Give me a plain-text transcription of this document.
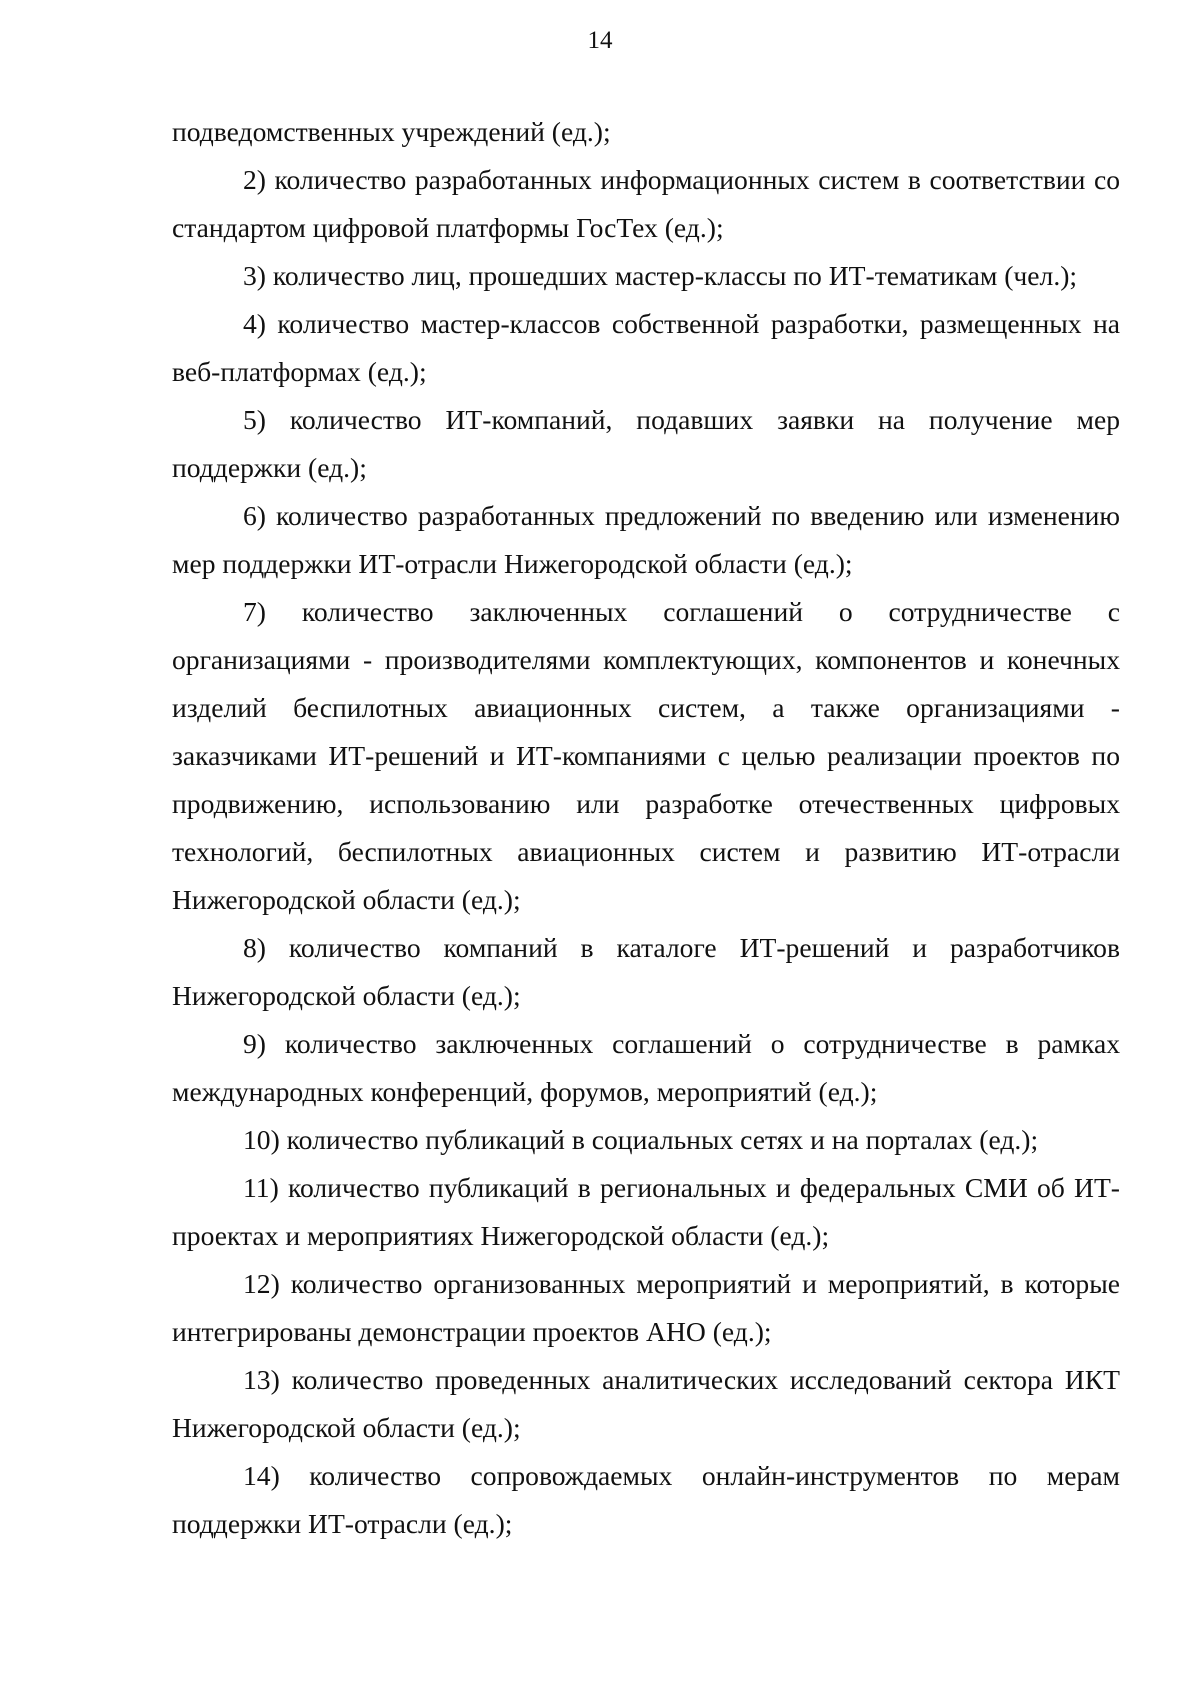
14

подведомственных учреждений (ед.);

2) количество разработанных информационных систем в соответствии со стандартом цифровой платформы ГосТех (ед.);

3) количество лиц, прошедших мастер-классы по ИТ-тематикам (чел.);

4) количество мастер-классов собственной разработки, размещенных на веб-платформах (ед.);

5) количество ИТ-компаний, подавших заявки на получение мер поддержки (ед.);

6) количество разработанных предложений по введению или изменению мер поддержки ИТ-отрасли Нижегородской области (ед.);

7) количество заключенных соглашений о сотрудничестве с организациями - производителями комплектующих, компонентов и конечных изделий беспилотных авиационных систем, а также организациями - заказчиками ИТ-решений и ИТ-компаниями с целью реализации проектов по продвижению, использованию или разработке отечественных цифровых технологий, беспилотных авиационных систем и развитию ИТ-отрасли Нижегородской области (ед.);

8) количество компаний в каталоге ИТ-решений и разработчиков Нижегородской области (ед.);

9) количество заключенных соглашений о сотрудничестве в рамках международных конференций, форумов, мероприятий (ед.);

10) количество публикаций в социальных сетях и на порталах (ед.);

11) количество публикаций в региональных и федеральных СМИ об ИТ-проектах и мероприятиях Нижегородской области (ед.);

12) количество организованных мероприятий и мероприятий, в которые интегрированы демонстрации проектов АНО (ед.);

13) количество проведенных аналитических исследований сектора ИКТ Нижегородской области (ед.);

14) количество сопровождаемых онлайн-инструментов по мерам поддержки ИТ-отрасли (ед.);
